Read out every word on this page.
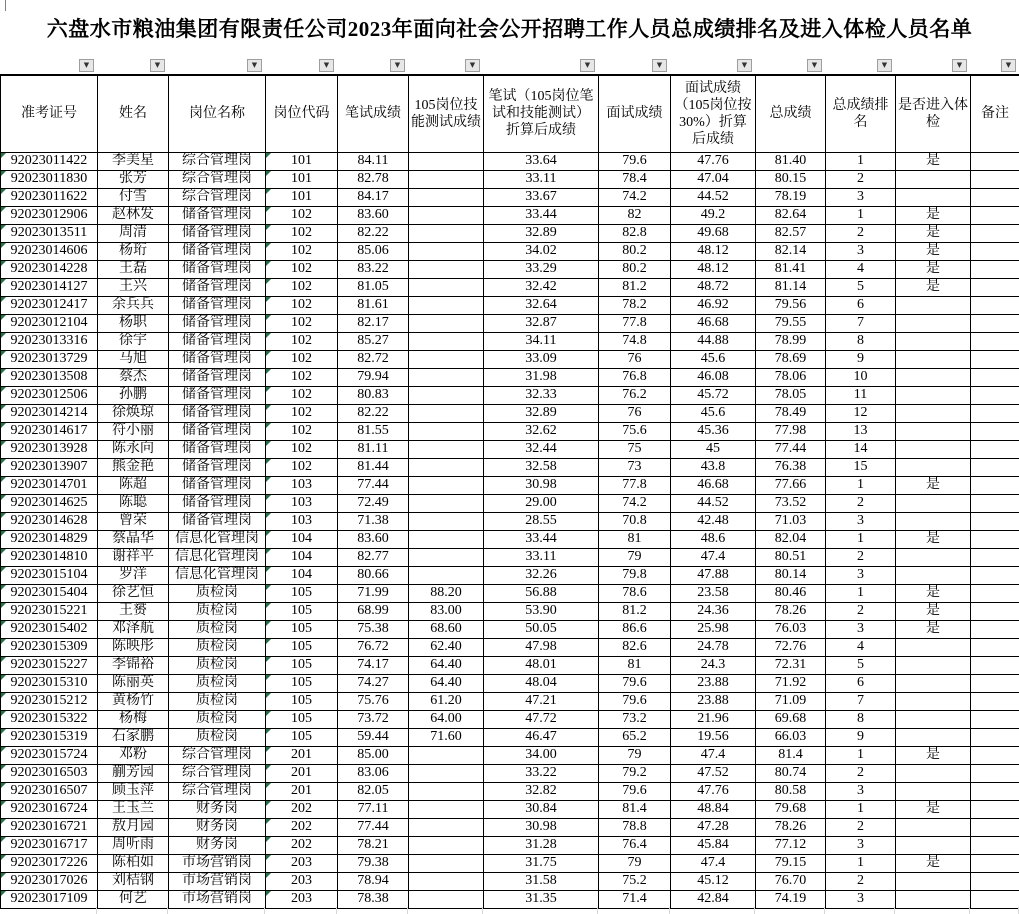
六盘水市粮油集团有限责任公司2023年面向社会公开招聘工作人员总成绩排名及进入体检人员名单
▼	▼	▼	▼	▼	▼	▼	▼	▼	▼	▼	▼	▼
准考证号	姓名	岗位名称	岗位代码	笔试成绩	105岗位技能测试成绩	笔试（105岗位笔试和技能测试）折算后成绩	面试成绩	面试成绩（105岗位按30%）折算后成绩	总成绩	总成绩排名	是否进入体检	备注
92023011422	李美星	综合管理岗	101	84.11		33.64	79.6	47.76	81.40	1	是	
92023011830	张芳	综合管理岗	101	82.78		33.11	78.4	47.04	80.15	2		
92023011622	付雪	综合管理岗	101	84.17		33.67	74.2	44.52	78.19	3		
92023012906	赵林发	储备管理岗	102	83.60		33.44	82	49.2	82.64	1	是	
92023013511	周清	储备管理岗	102	82.22		32.89	82.8	49.68	82.57	2	是	
92023014606	杨珩	储备管理岗	102	85.06		34.02	80.2	48.12	82.14	3	是	
92023014228	王磊	储备管理岗	102	83.22		33.29	80.2	48.12	81.41	4	是	
92023014127	王兴	储备管理岗	102	81.05		32.42	81.2	48.72	81.14	5	是	
92023012417	余兵兵	储备管理岗	102	81.61		32.64	78.2	46.92	79.56	6		
92023012104	杨职	储备管理岗	102	82.17		32.87	77.8	46.68	79.55	7		
92023013316	徐宇	储备管理岗	102	85.27		34.11	74.8	44.88	78.99	8		
92023013729	马旭	储备管理岗	102	82.72		33.09	76	45.6	78.69	9		
92023013508	蔡杰	储备管理岗	102	79.94		31.98	76.8	46.08	78.06	10		
92023012506	孙鹏	储备管理岗	102	80.83		32.33	76.2	45.72	78.05	11		
92023014214	徐焕琼	储备管理岗	102	82.22		32.89	76	45.6	78.49	12		
92023014617	符小丽	储备管理岗	102	81.55		32.62	75.6	45.36	77.98	13		
92023013928	陈永向	储备管理岗	102	81.11		32.44	75	45	77.44	14		
92023013907	熊金艳	储备管理岗	102	81.44		32.58	73	43.8	76.38	15		
92023014701	陈超	储备管理岗	103	77.44		30.98	77.8	46.68	77.66	1	是	
92023014625	陈聪	储备管理岗	103	72.49		29.00	74.2	44.52	73.52	2		
92023014628	曾荣	储备管理岗	103	71.38		28.55	70.8	42.48	71.03	3		
92023014829	蔡晶华	信息化管理岗	104	83.60		33.44	81	48.6	82.04	1	是	
92023014810	谢祥平	信息化管理岗	104	82.77		33.11	79	47.4	80.51	2		
92023015104	罗洋	信息化管理岗	104	80.66		32.26	79.8	47.88	80.14	3		
92023015404	徐艺恒	质检岗	105	71.99	88.20	56.88	78.6	23.58	80.46	1	是	
92023015221	王赟	质检岗	105	68.99	83.00	53.90	81.2	24.36	78.26	2	是	
92023015402	邓泽航	质检岗	105	75.38	68.60	50.05	86.6	25.98	76.03	3	是	
92023015309	陈映彤	质检岗	105	76.72	62.40	47.98	82.6	24.78	72.76	4		
92023015227	李锦裕	质检岗	105	74.17	64.40	48.01	81	24.3	72.31	5		
92023015310	陈丽英	质检岗	105	74.27	64.40	48.04	79.6	23.88	71.92	6		
92023015212	黄杨竹	质检岗	105	75.76	61.20	47.21	79.6	23.88	71.09	7		
92023015322	杨梅	质检岗	105	73.72	64.00	47.72	73.2	21.96	69.68	8		
92023015319	石家鹏	质检岗	105	59.44	71.60	46.47	65.2	19.56	66.03	9		
92023015724	邓粉	综合管理岗	201	85.00		34.00	79	47.4	81.4	1	是	
92023016503	蒯芳园	综合管理岗	201	83.06		33.22	79.2	47.52	80.74	2		
92023016507	顾玉萍	综合管理岗	201	82.05		32.82	79.6	47.76	80.58	3		
92023016724	王玉兰	财务岗	202	77.11		30.84	81.4	48.84	79.68	1	是	
92023016721	敖月园	财务岗	202	77.44		30.98	78.8	47.28	78.26	2		
92023016717	周听雨	财务岗	202	78.21		31.28	76.4	45.84	77.12	3		
92023017226	陈柏如	市场营销岗	203	79.38		31.75	79	47.4	79.15	1	是	
92023017026	刘桔钢	市场营销岗	203	78.94		31.58	75.2	45.12	76.70	2		
92023017109	何艺	市场营销岗	203	78.38		31.35	71.4	42.84	74.19	3		
